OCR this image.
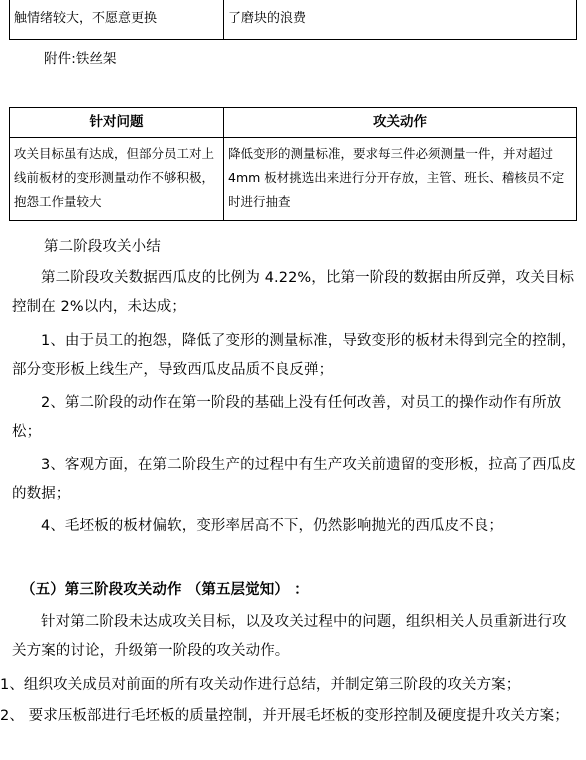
触情绪较大，不愿意更换	了磨块的浪费
附件:铁丝架
针对问题	攻关动作
攻关目标虽有达成，但部分员工对上线前板材的变形测量动作不够积极，抱怨工作量较大	降低变形的测量标准，要求每三件必须测量一件，并对超过 4mm 板材挑选出来进行分开存放，主管、班长、稽核员不定时进行抽查
第二阶段攻关小结
第二阶段攻关数据西瓜皮的比例为 4.22%，比第一阶段的数据由所反弹，攻关目标控制在 2%以内，未达成；
1、由于员工的抱怨，降低了变形的测量标准，导致变形的板材未得到完全的控制，部分变形板上线生产，导致西瓜皮品质不良反弹；
2、第二阶段的动作在第一阶段的基础上没有任何改善，对员工的操作动作有所放松；
3、客观方面，在第二阶段生产的过程中有生产攻关前遗留的变形板，拉高了西瓜皮的数据；
4、毛坯板的板材偏软，变形率居高不下，仍然影响抛光的西瓜皮不良；
（五）第三阶段攻关动作 （第五层觉知） ：
针对第二阶段未达成攻关目标，以及攻关过程中的问题，组织相关人员重新进行攻关方案的讨论，升级第一阶段的攻关动作。
1、组织攻关成员对前面的所有攻关动作进行总结，并制定第三阶段的攻关方案；
2、 要求压板部进行毛坯板的质量控制，并开展毛坯板的变形控制及硬度提升攻关方案；
